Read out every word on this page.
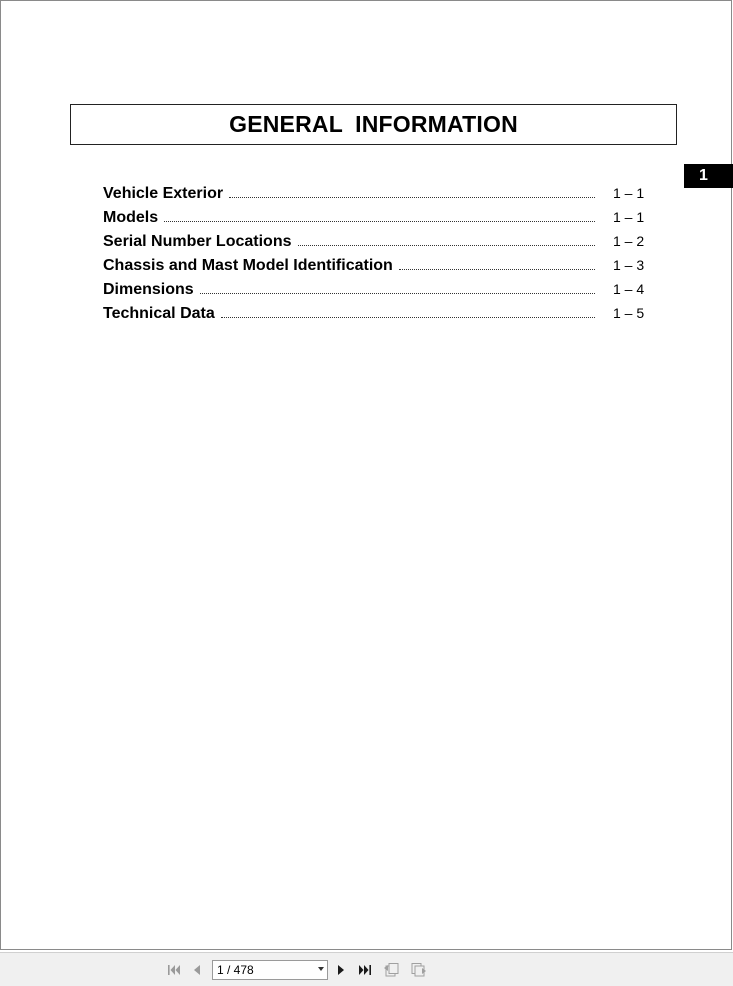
GENERAL INFORMATION
1
Vehicle Exterior	1 – 1
Models	1 – 1
Serial Number Locations	1 – 2
Chassis and Mast Model Identification	1 – 3
Dimensions	1 – 4
Technical Data	1 – 5
1 / 478
